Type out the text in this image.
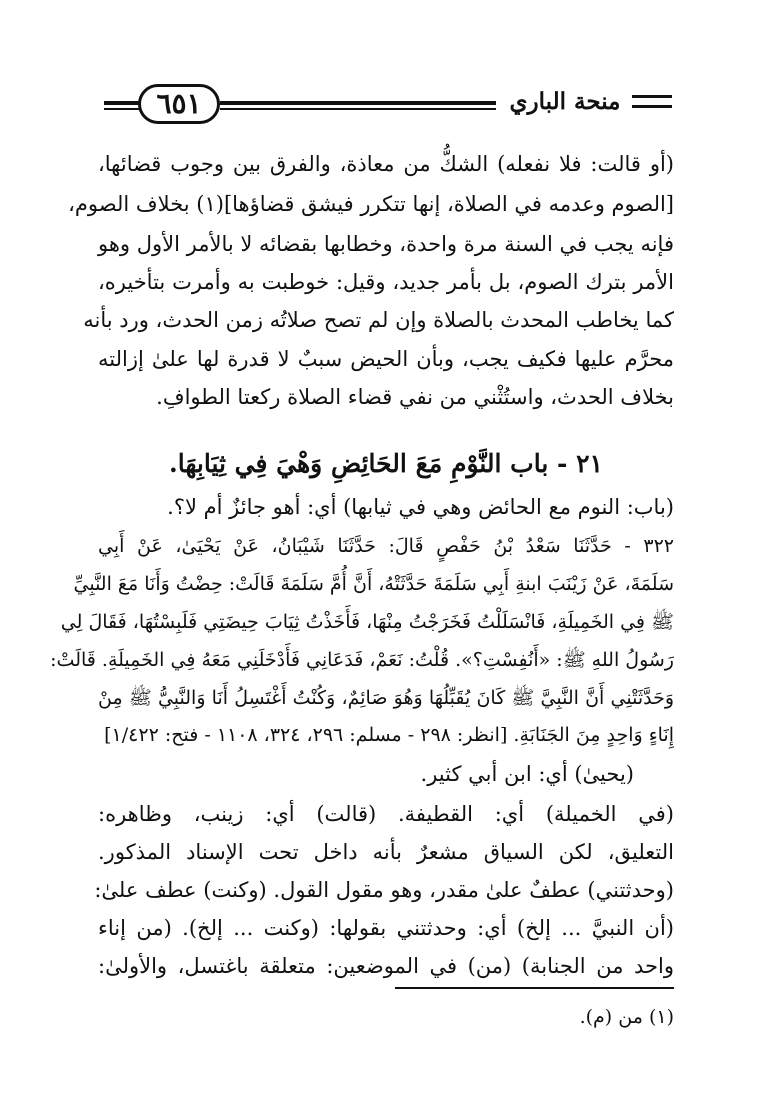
٦٥١	منحة الباري
(أو قالت: فلا نفعله) الشكُّ من معاذة، والفرق بين وجوب قضائها،
[الصوم وعدمه في الصلاة، إنها تتكرر فيشق قضاؤها](١) بخلاف الصوم،
فإنه يجب في السنة مرة واحدة، وخطابها بقضائه لا بالأمر الأول وهو
الأمر بترك الصوم، بل بأمر جديد، وقيل: خوطبت به وأمرت بتأخيره،
كما يخاطب المحدث بالصلاة وإن لم تصح صلاتُه زمن الحدث، ورد بأنه
محرَّم عليها فكيف يجب، وبأن الحيض سببٌ لا قدرة لها علىٰ إزالته
بخلاف الحدث، واستُثْني من نفي قضاء الصلاة ركعتا الطوافِ.
٢١ - باب النَّوْمِ مَعَ الحَائِضِ وَهْيَ فِي ثِيَابِهَا.
(باب: النوم مع الحائض وهي في ثيابها) أي: أهو جائزٌ أم لا؟.
٣٢٢ - حَدَّثَنَا سَعْدُ بْنُ حَفْصٍ قَالَ: حَدَّثَنَا شَيْبَانُ، عَنْ يَحْيَىٰ، عَنْ أَبِي
سَلَمَةَ، عَنْ زَيْنَبَ ابنةِ أَبِي سَلَمَةَ حَدَّثَتْهُ، أَنَّ أُمَّ سَلَمَةَ قَالَتْ: حِضْتُ وَأَنَا مَعَ النَّبِيِّ
ﷺ فِي الخَمِيلَةِ، فَانْسَلَلْتُ فَخَرَجْتُ مِنْهَا، فَأَخَذْتُ ثِيَابَ حِيضَتِي فَلَبِسْتُهَا، فَقَالَ لِي
رَسُولُ اللهِ ﷺ: «أَنُفِسْتِ؟». قُلْتُ: نَعَمْ، فَدَعَانِي فَأَدْخَلَنِي مَعَهُ فِي الخَمِيلَةِ. قَالَتْ:
وَحَدَّثَتْنِي أَنَّ النَّبِيَّ ﷺ كَانَ يُقَبِّلُهَا وَهُوَ صَائِمٌ، وَكُنْتُ أَغْتَسِلُ أَنَا وَالنَّبِيُّ ﷺ مِنْ
إِنَاءٍ وَاحِدٍ مِنَ الجَنَابَةِ. [انظر: ٢٩٨ - مسلم: ٢٩٦، ٣٢٤، ١١٠٨ - فتح: ١/٤٢٢]
(يحيىٰ) أي: ابن أبي كثير.
(في الخميلة) أي: القطيفة. (قالت) أي: زينب، وظاهره:
التعليق، لكن السياق مشعرٌ بأنه داخل تحت الإسناد المذكور.
(وحدثتني) عطفٌ علىٰ مقدر، وهو مقول القول. (وكنت) عطف علىٰ:
(أن النبيَّ ... إلخ) أي: وحدثتني بقولها: (وكنت ... إلخ). (من إناء
واحد من الجنابة) (من) في الموضعين: متعلقة باغتسل، والأولىٰ:
(١) من (م).
